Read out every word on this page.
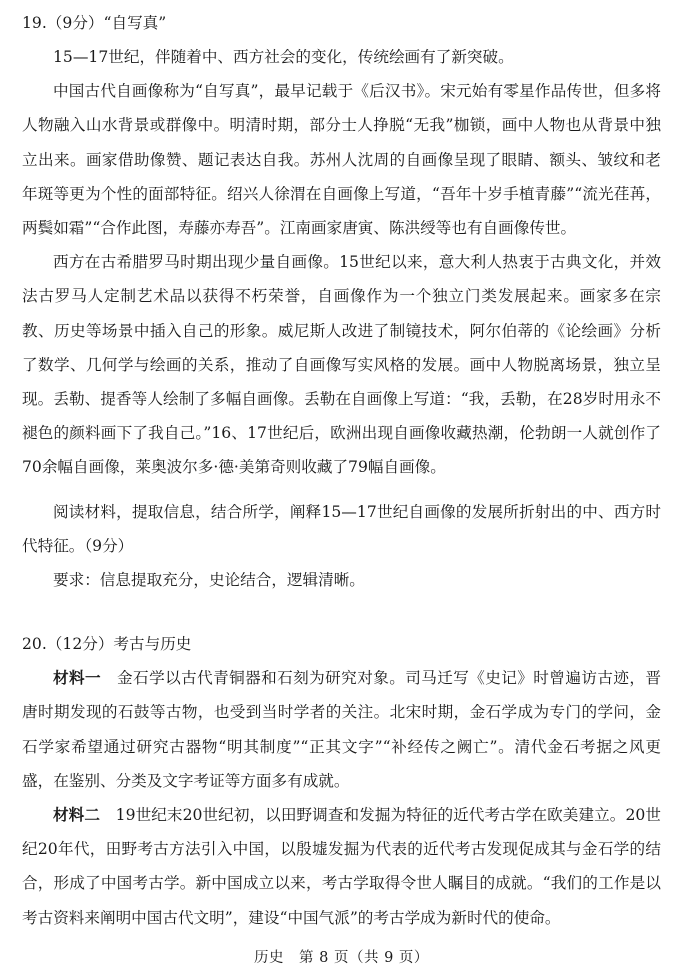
19.（9分）“自写真”

15—17世纪，伴随着中、西方社会的变化，传统绘画有了新突破。

中国古代自画像称为“自写真”，最早记载于《后汉书》。宋元始有零星作品传世，但多将人物融入山水背景或群像中。明清时期，部分士人挣脱“无我”枷锁，画中人物也从背景中独立出来。画家借助像赞、题记表达自我。苏州人沈周的自画像呈现了眼睛、额头、皱纹和老年斑等更为个性的面部特征。绍兴人徐渭在自画像上写道，“吾年十岁手植青藤”“流光荏苒，两鬓如霜”“合作此图，寿藤亦寿吾”。江南画家唐寅、陈洪绶等也有自画像传世。

西方在古希腊罗马时期出现少量自画像。15世纪以来，意大利人热衷于古典文化，并效法古罗马人定制艺术品以获得不朽荣誉，自画像作为一个独立门类发展起来。画家多在宗教、历史等场景中插入自己的形象。威尼斯人改进了制镜技术，阿尔伯蒂的《论绘画》分析了数学、几何学与绘画的关系，推动了自画像写实风格的发展。画中人物脱离场景，独立呈现。丢勒、提香等人绘制了多幅自画像。丢勒在自画像上写道：“我，丢勒，在28岁时用永不褪色的颜料画下了我自己。”16、17世纪后，欧洲出现自画像收藏热潮，伦勃朗一人就创作了70余幅自画像，莱奥波尔多·德·美第奇则收藏了79幅自画像。

阅读材料，提取信息，结合所学，阐释15—17世纪自画像的发展所折射出的中、西方时代特征。（9分）

要求：信息提取充分，史论结合，逻辑清晰。

20.（12分）考古与历史

材料一　 金石学以古代青铜器和石刻为研究对象。司马迁写《史记》时曾遍访古迹，晋唐时期发现的石鼓等古物，也受到当时学者的关注。北宋时期，金石学成为专门的学问，金石学家希望通过研究古器物“明其制度”“正其文字”“补经传之阙亡”。清代金石考据之风更盛，在鉴别、分类及文字考证等方面多有成就。

材料二　 19世纪末20世纪初，以田野调查和发掘为特征的近代考古学在欧美建立。20世纪20年代，田野考古方法引入中国，以殷墟发掘为代表的近代考古发现促成其与金石学的结合，形成了中国考古学。新中国成立以来，考古学取得令世人瞩目的成就。“我们的工作是以考古资料来阐明中国古代文明”，建设“中国气派”的考古学成为新时代的使命。

历史　第 8 页（共 9 页）
